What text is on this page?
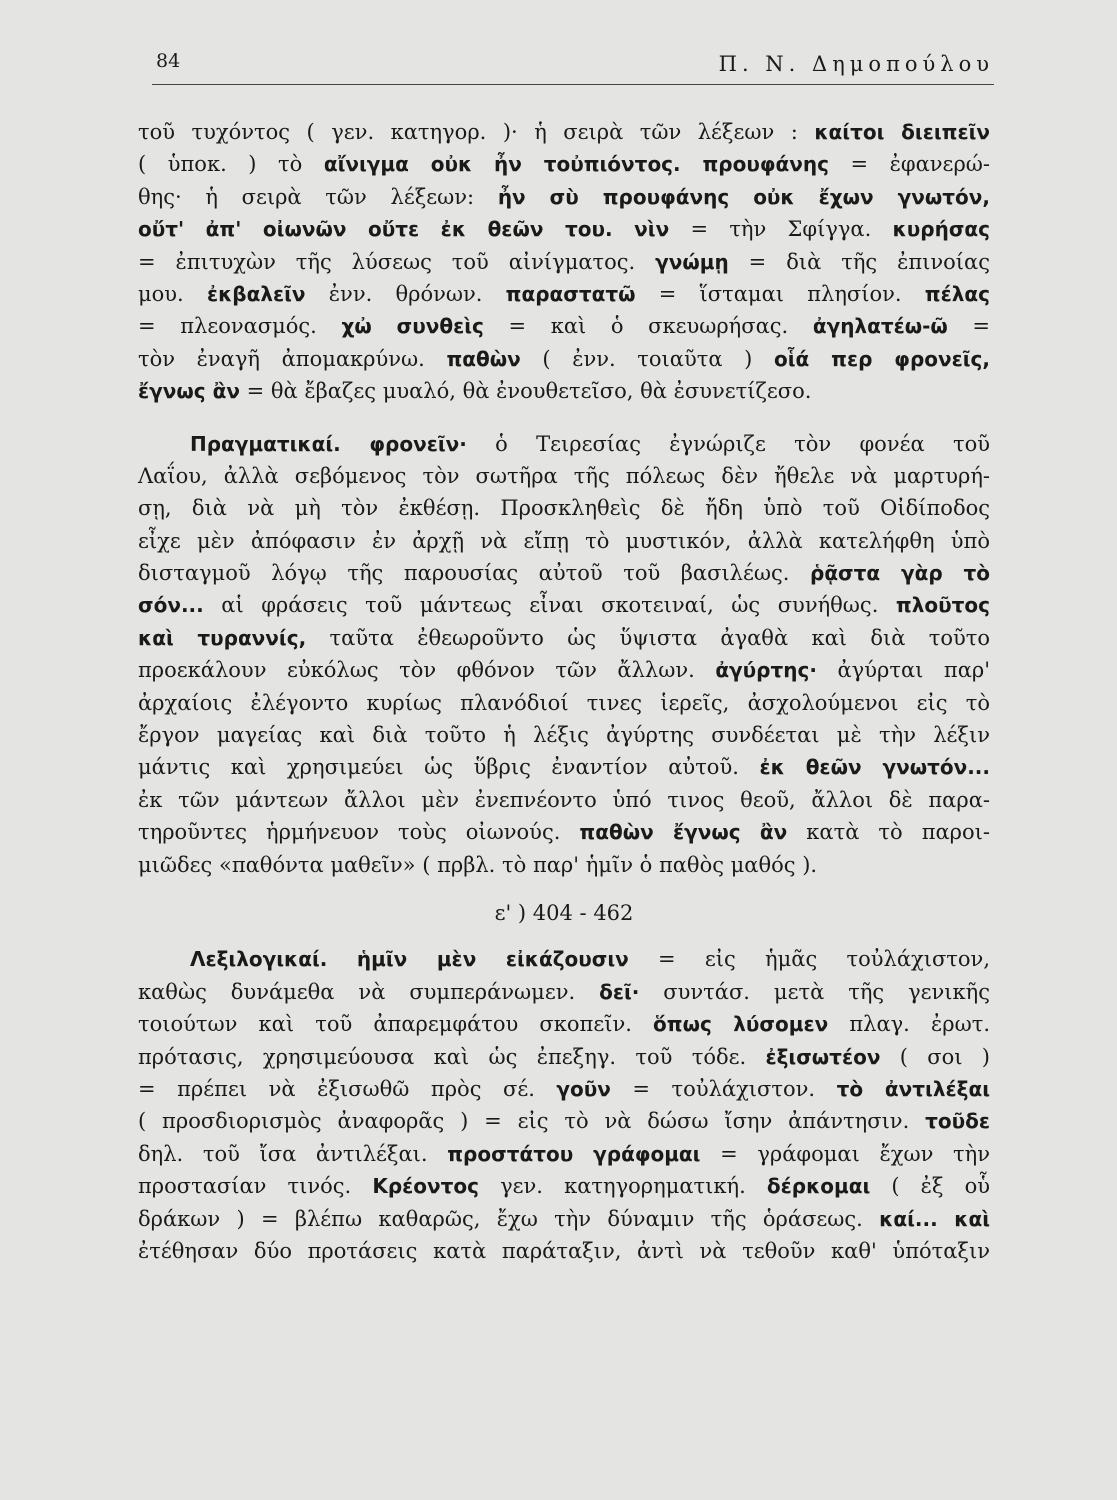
84	Π. Ν. Δημοπούλου
τοῦ τυχόντος ( γεν. κατηγορ. )· ἡ σειρὰ τῶν λέξεων : καίτοι διειπεῖν
( ὑποκ. ) τὸ αἴνιγμα οὐκ ἦν τοὐπιόντος. προυφάνης = ἐφανερώ-
θης· ἡ σειρὰ τῶν λέξεων: ἦν σὺ προυφάνης οὐκ ἔχων γνωτόν,
οὔτ' ἀπ' οἰωνῶν οὔτε ἐκ θεῶν του. νὶν = τὴν Σφίγγα. κυρήσας
= ἐπιτυχὼν τῆς λύσεως τοῦ αἰνίγματος. γνώμῃ = διὰ τῆς ἐπινοίας
μου. ἐκβαλεῖν ἐνν. θρόνων. παραστατῶ = ἵσταμαι πλησίον. πέλας
= πλεονασμός. χὠ συνθεὶς = καὶ ὁ σκευωρήσας. ἀγηλατέω-ῶ =
τὸν ἐναγῆ ἀπομακρύνω. παθὼν ( ἐνν. τοιαῦτα ) οἷά περ φρονεῖς,
ἔγνως ἂν = θὰ ἔβαζες μυαλό, θὰ ἐνουθετεῖσο, θὰ ἐσυνετίζεσο.
Πραγματικαί. φρονεῖν· ὁ Τειρεσίας ἐγνώριζε τὸν φονέα τοῦ
Λαΐου, ἀλλὰ σεβόμενος τὸν σωτῆρα τῆς πόλεως δὲν ἤθελε νὰ μαρτυρή-
σῃ, διὰ νὰ μὴ τὸν ἐκθέσῃ. Προσκληθεὶς δὲ ἤδη ὑπὸ τοῦ Οἰδίποδος
εἶχε μὲν ἀπόφασιν ἐν ἀρχῇ νὰ εἴπῃ τὸ μυστικόν, ἀλλὰ κατελήφθη ὑπὸ
δισταγμοῦ λόγῳ τῆς παρουσίας αὐτοῦ τοῦ βασιλέως. ῥᾷστα γὰρ τὸ
σόν... αἱ φράσεις τοῦ μάντεως εἶναι σκοτειναί, ὡς συνήθως. πλοῦτος
καὶ τυραννίς, ταῦτα ἐθεωροῦντο ὡς ὕψιστα ἀγαθὰ καὶ διὰ τοῦτο
προεκάλουν εὐκόλως τὸν φθόνον τῶν ἄλλων. ἀγύρτης· ἀγύρται παρ'
ἀρχαίοις ἐλέγοντο κυρίως πλανόδιοί τινες ἱερεῖς, ἀσχολούμενοι εἰς τὸ
ἔργον μαγείας καὶ διὰ τοῦτο ἡ λέξις ἀγύρτης συνδέεται μὲ τὴν λέξιν
μάντις καὶ χρησιμεύει ὡς ὕβρις ἐναντίον αὐτοῦ. ἐκ θεῶν γνωτόν...
ἐκ τῶν μάντεων ἄλλοι μὲν ἐνεπνέοντο ὑπό τινος θεοῦ, ἄλλοι δὲ παρα-
τηροῦντες ἡρμήνευον τοὺς οἰωνούς. παθὼν ἔγνως ἂν κατὰ τὸ παροι-
μιῶδες «παθόντα μαθεῖν» ( πρβλ. τὸ παρ' ἡμῖν ὁ παθὸς μαθός ).
ε' ) 404 - 462
Λεξιλογικαί. ἡμῖν μὲν εἰκάζουσιν = εἰς ἡμᾶς τοὐλάχιστον,
καθὼς δυνάμεθα νὰ συμπεράνωμεν. δεῖ· συντάσ. μετὰ τῆς γενικῆς
τοιούτων καὶ τοῦ ἀπαρεμφάτου σκοπεῖν. ὅπως λύσομεν πλαγ. ἐρωτ.
πρότασις, χρησιμεύουσα καὶ ὡς ἐπεξηγ. τοῦ τόδε. ἐξισωτέον ( σοι )
= πρέπει νὰ ἐξισωθῶ πρὸς σέ. γοῦν = τοὐλάχιστον. τὸ ἀντιλέξαι
( προσδιορισμὸς ἀναφορᾶς ) = εἰς τὸ νὰ δώσω ἴσην ἀπάντησιν. τοῦδε
δηλ. τοῦ ἴσα ἀντιλέξαι. προστάτου γράφομαι = γράφομαι ἔχων τὴν
προστασίαν τινός. Κρέοντος γεν. κατηγορηματική. δέρκομαι ( ἐξ οὗ
δράκων ) = βλέπω καθαρῶς, ἔχω τὴν δύναμιν τῆς ὁράσεως. καί... καὶ
ἐτέθησαν δύο προτάσεις κατὰ παράταξιν, ἀντὶ νὰ τεθοῦν καθ' ὑπόταξιν
